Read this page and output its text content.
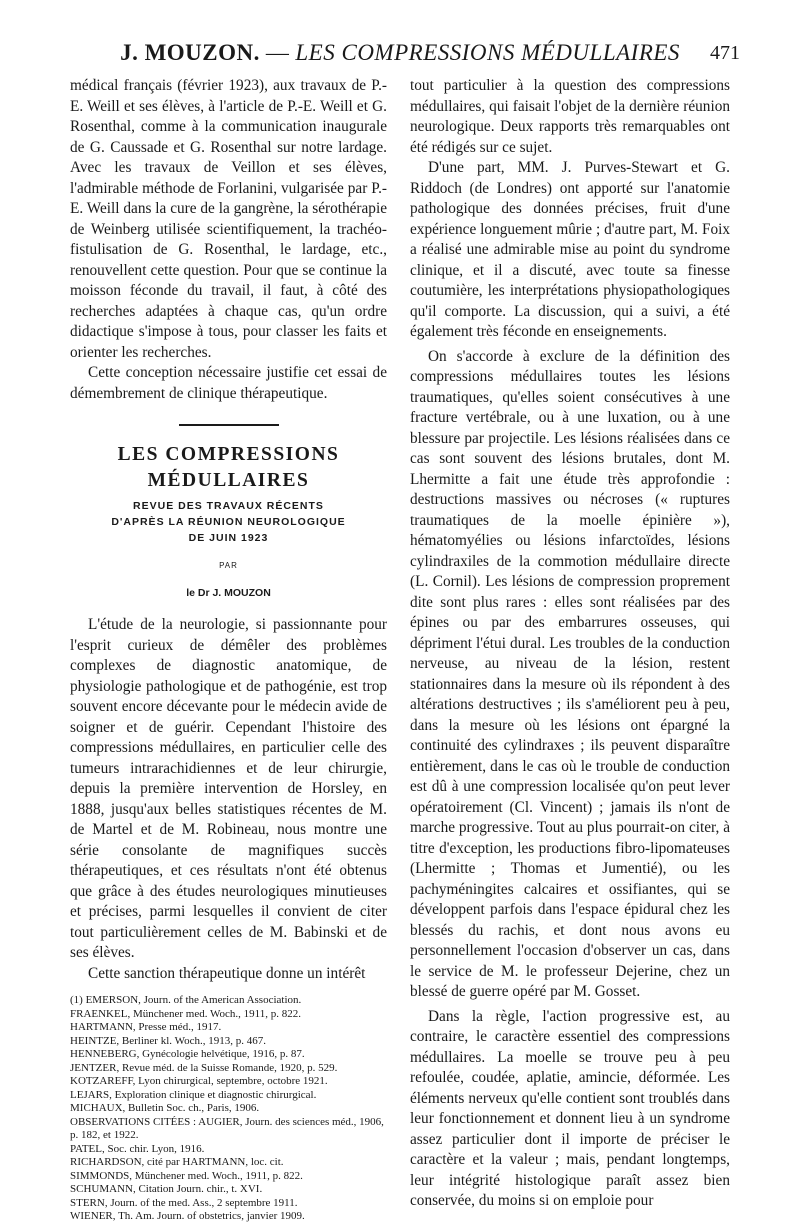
J. MOUZON. — LES COMPRESSIONS MÉDULLAIRES	471

médical français (février 1923), aux travaux de P.-E. Weill et ses élèves, à l'article de P.-E. Weill et G. Rosenthal, comme à la communication inaugurale de G. Caussade et G. Rosenthal sur notre lardage. Avec les travaux de Veillon et ses élèves, l'admirable méthode de Forlanini, vulgarisée par P.-E. Weill dans la cure de la gangrène, la sérothérapie de Weinberg utilisée scientifiquement, la trachéo-fistulisation de G. Rosenthal, le lardage, etc., renouvellent cette question. Pour que se continue la moisson féconde du travail, il faut, à côté des recherches adaptées à chaque cas, qu'un ordre didactique s'impose à tous, pour classer les faits et orienter les recherches.

Cette conception nécessaire justifie cet essai de démembrement de clinique thérapeutique.

LES COMPRESSIONS
MÉDULLAIRES
REVUE DES TRAVAUX RÉCENTS
D'APRÈS LA RÉUNION NEUROLOGIQUE
DE JUIN 1923
PAR
le Dr J. MOUZON

L'étude de la neurologie, si passionnante pour l'esprit curieux de démêler des problèmes complexes de diagnostic anatomique, de physiologie pathologique et de pathogénie, est trop souvent encore décevante pour le médecin avide de soigner et de guérir. Cependant l'histoire des compressions médullaires, en particulier celle des tumeurs intrarachidiennes et de leur chirurgie, depuis la première intervention de Horsley, en 1888, jusqu'aux belles statistiques récentes de M. de Martel et de M. Robineau, nous montre une série consolante de magnifiques succès thérapeutiques, et ces résultats n'ont été obtenus que grâce à des études neurologiques minutieuses et précises, parmi lesquelles il convient de citer tout particulièrement celles de M. Babinski et de ses élèves.

Cette sanction thérapeutique donne un intérêt

(1) EMERSON, Journ. of the American Association.
FRAENKEL, Münchener med. Woch., 1911, p. 822.
HARTMANN, Presse méd., 1917.
HEINTZE, Berliner kl. Woch., 1913, p. 467.
HENNEBERG, Gynécologie helvétique, 1916, p. 87.
JENTZER, Revue méd. de la Suisse Romande, 1920, p. 529.
KOTZAREFF, Lyon chirurgical, septembre, octobre 1921.
LEJARS, Exploration clinique et diagnostic chirurgical.
MICHAUX, Bulletin Soc. ch., Paris, 1906.
OBSERVATIONS CITÉES : AUGIER, Journ. des sciences méd., 1906, p. 182, et 1922.
PATEL, Soc. chir. Lyon, 1916.
RICHARDSON, cité par HARTMANN, loc. cit.
SIMMONDS, Münchener med. Woch., 1911, p. 822.
SCHUMANN, Citation Journ. chir., t. XVI.
STERN, Journ. of the med. Ass., 2 septembre 1911.
WIENER, Th. Am. Journ. of obstetrics, janvier 1909.

tout particulier à la question des compressions médullaires, qui faisait l'objet de la dernière réunion neurologique. Deux rapports très remarquables ont été rédigés sur ce sujet.

D'une part, MM. J. Purves-Stewart et G. Riddoch (de Londres) ont apporté sur l'anatomie pathologique des données précises, fruit d'une expérience longuement mûrie ; d'autre part, M. Foix a réalisé une admirable mise au point du syndrome clinique, et il a discuté, avec toute sa finesse coutumière, les interprétations physiopathologiques qu'il comporte. La discussion, qui a suivi, a été également très féconde en enseignements.

On s'accorde à exclure de la définition des compressions médullaires toutes les lésions traumatiques, qu'elles soient consécutives à une fracture vertébrale, ou à une luxation, ou à une blessure par projectile. Les lésions réalisées dans ce cas sont souvent des lésions brutales, dont M. Lhermitte a fait une étude très approfondie : destructions massives ou nécroses (« ruptures traumatiques de la moelle épinière »), hématomyélies ou lésions infarctoïdes, lésions cylindraxiles de la commotion médullaire directe (L. Cornil). Les lésions de compression proprement dite sont plus rares : elles sont réalisées par des épines ou par des embarrures osseuses, qui dépriment l'étui dural. Les troubles de la conduction nerveuse, au niveau de la lésion, restent stationnaires dans la mesure où ils répondent à des altérations destructives ; ils s'améliorent peu à peu, dans la mesure où les lésions ont épargné la continuité des cylindraxes ; ils peuvent disparaître entièrement, dans le cas où le trouble de conduction est dû à une compression localisée qu'on peut lever opératoirement (Cl. Vincent) ; jamais ils n'ont de marche progressive. Tout au plus pourrait-on citer, à titre d'exception, les productions fibro-lipomateuses (Lhermitte ; Thomas et Jumentié), ou les pachyméningites calcaires et ossifiantes, qui se développent parfois dans l'espace épidural chez les blessés du rachis, et dont nous avons eu personnellement l'occasion d'observer un cas, dans le service de M. le professeur Dejerine, chez un blessé de guerre opéré par M. Gosset.

Dans la règle, l'action progressive est, au contraire, le caractère essentiel des compressions médullaires. La moelle se trouve peu à peu refoulée, coudée, aplatie, amincie, déformée. Les éléments nerveux qu'elle contient sont troublés dans leur fonctionnement et donnent lieu à un syndrome assez particulier dont il importe de préciser le caractère et la valeur ; mais, pendant longtemps, leur intégrité histologique paraît assez bien conservée, du moins si on emploie pour
